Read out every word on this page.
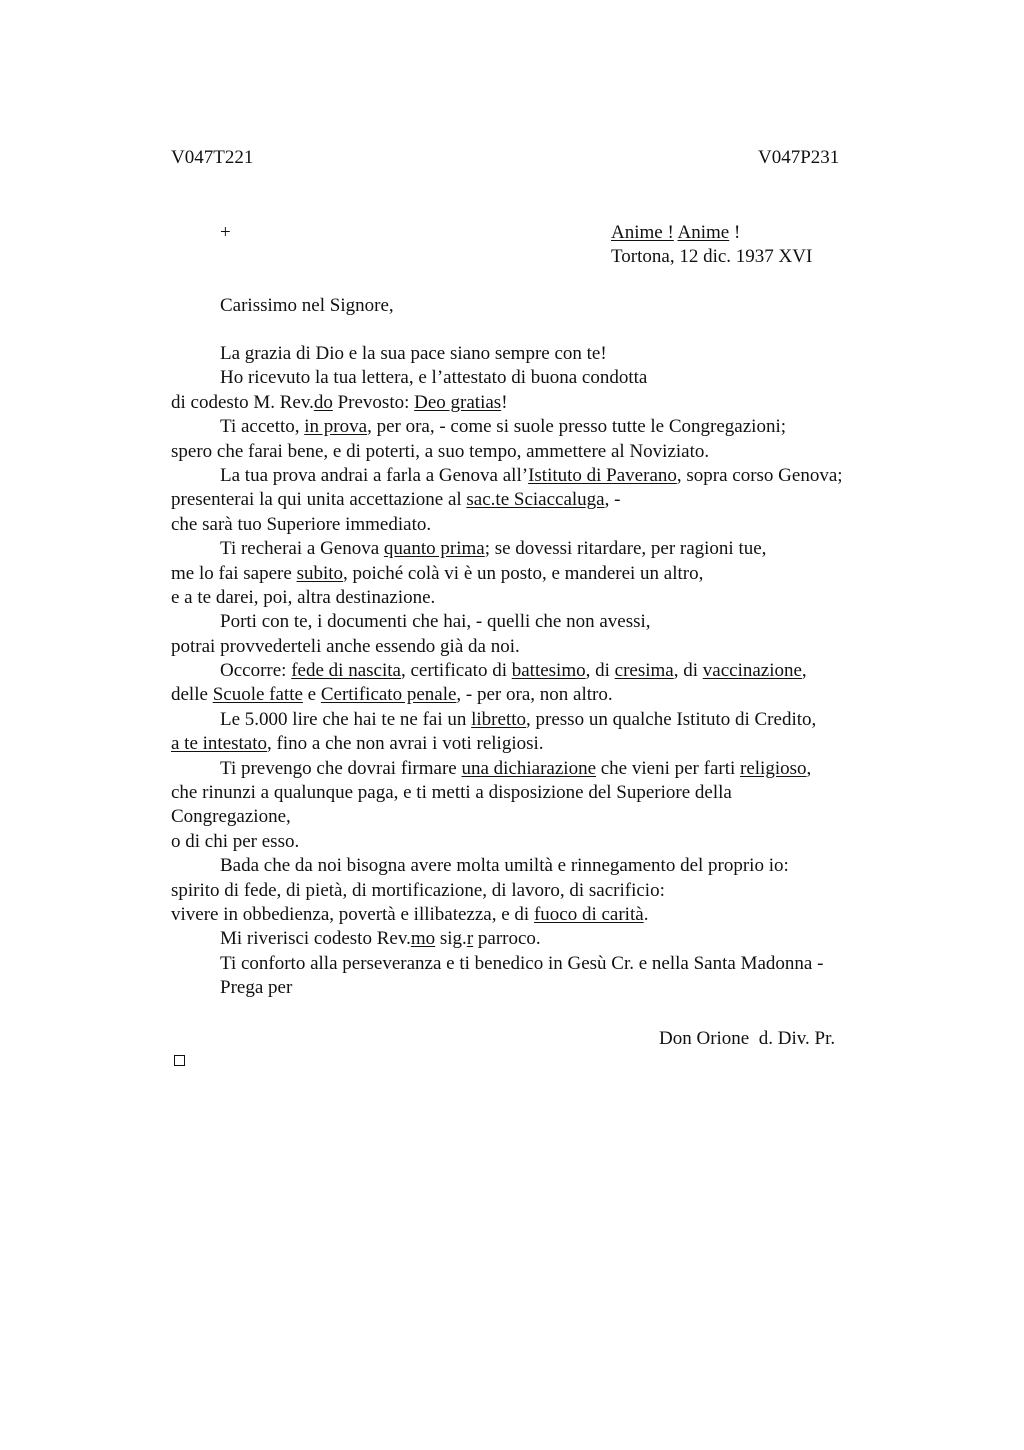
V047T221	V047P231
+	Anime ! Anime !
Tortona, 12 dic. 1937 XVI
Carissimo nel Signore,
La grazia di Dio e la sua pace siano sempre con te!
Ho ricevuto la tua lettera, e l’attestato di buona condotta
di codesto M. Rev.do Prevosto: Deo gratias!
Ti accetto, in prova, per ora, - come si suole presso tutte le Congregazioni;
spero che farai bene, e di poterti, a suo tempo, ammettere al Noviziato.
La tua prova andrai a farla a Genova all’Istituto di Paverano, sopra corso Genova;
presenterai la qui unita accettazione al sac.te Sciaccaluga, -
che sarà tuo Superiore immediato.
Ti recherai a Genova quanto prima; se dovessi ritardare, per ragioni tue,
me lo fai sapere subito, poiché colà vi è un posto, e manderei un altro,
e a te darei, poi, altra destinazione.
Porti con te, i documenti che hai, - quelli che non avessi,
potrai provvederteli anche essendo già da noi.
Occorre: fede di nascita, certificato di battesimo, di cresima, di vaccinazione,
delle Scuole fatte e Certificato penale, - per ora, non altro.
Le 5.000 lire che hai te ne fai un libretto, presso un qualche Istituto di Credito,
a te intestato, fino a che non avrai i voti religiosi.
Ti prevengo che dovrai firmare una dichiarazione che vieni per farti religioso,
che rinunzi a qualunque paga, e ti metti a disposizione del Superiore della
Congregazione,
o di chi per esso.
Bada che da noi bisogna avere molta umiltà e rinnegamento del proprio io:
spirito di fede, di pietà, di mortificazione, di lavoro, di sacrificio:
vivere in obbedienza, povertà e illibatezza, e di fuoco di carità.
Mi riverisci codesto Rev.mo sig.r parroco.
Ti conforto alla perseveranza e ti benedico in Gesù Cr. e nella Santa Madonna -
Prega per
Don Orione  d. Div. Pr.
